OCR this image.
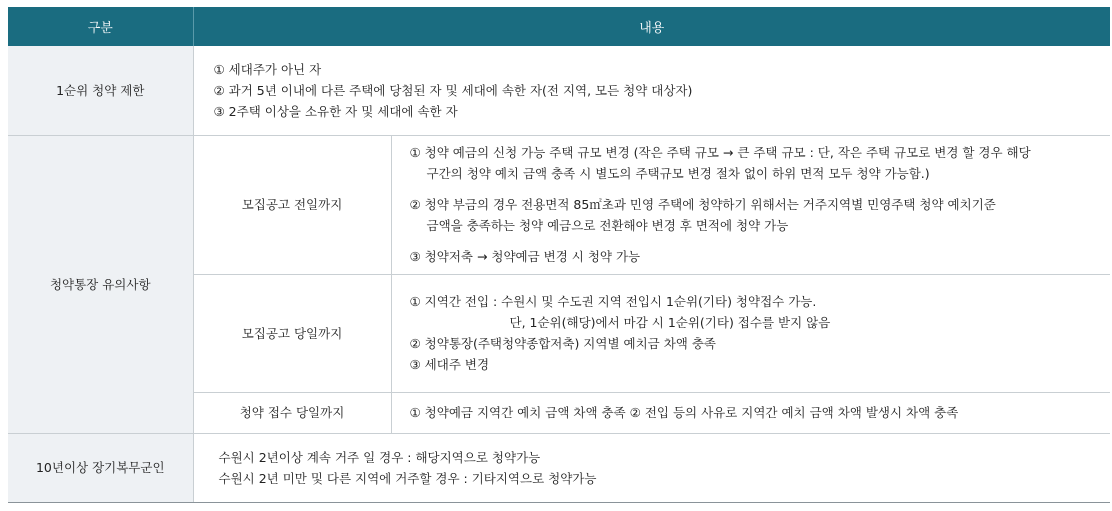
구분	내용	
1순위 청약 제한	① 세대주가 아닌 자
② 과거 5년 이내에 다른 주택에 당첨된 자 및 세대에 속한 자(전 지역, 모든 청약 대상자)
③ 2주택 이상을 소유한 자 및 세대에 속한 자	

청약통장 유의사항	모집공고 전일까지	① 청약 예금의 신청 가능 주택 규모 변경 (작은 주택 규모 → 큰 주택 규모 : 단, 작은 주택 규모로 변경 할 경우 해당
구간의 청약 예치 금액 충족 시 별도의 주택규모 변경 절차 없이 하위 면적 모두 청약 가능함.)
② 청약 부금의 경우 전용면적 85㎡초과 민영 주택에 청약하기 위해서는 거주지역별 민영주택 청약 예치기준
금액을 충족하는 청약 예금으로 전환해야 변경 후 면적에 청약 가능
③ 청약저축 → 청약예금 변경 시 청약 가능

	모집공고 당일까지	① 지역간 전입 : 수원시 및 수도권 지역 전입시 1순위(기타) 청약접수 가능.
단, 1순위(해당)에서 마감 시 1순위(기타) 접수를 받지 않음
② 청약통장(주택청약종합저축) 지역별 예치금 차액 충족
③ 세대주 변경

	청약 접수 당일까지	① 청약예금 지역간 예치 금액 차액 충족 ② 전입 등의 사유로 지역간 예치 금액 차액 발생시 차액 충족

10년이상 장기복무군인	수원시 2년이상 계속 거주 일 경우 : 해당지역으로 청약가능
수원시 2년 미만 및 다른 지역에 거주할 경우 : 기타지역으로 청약가능	
